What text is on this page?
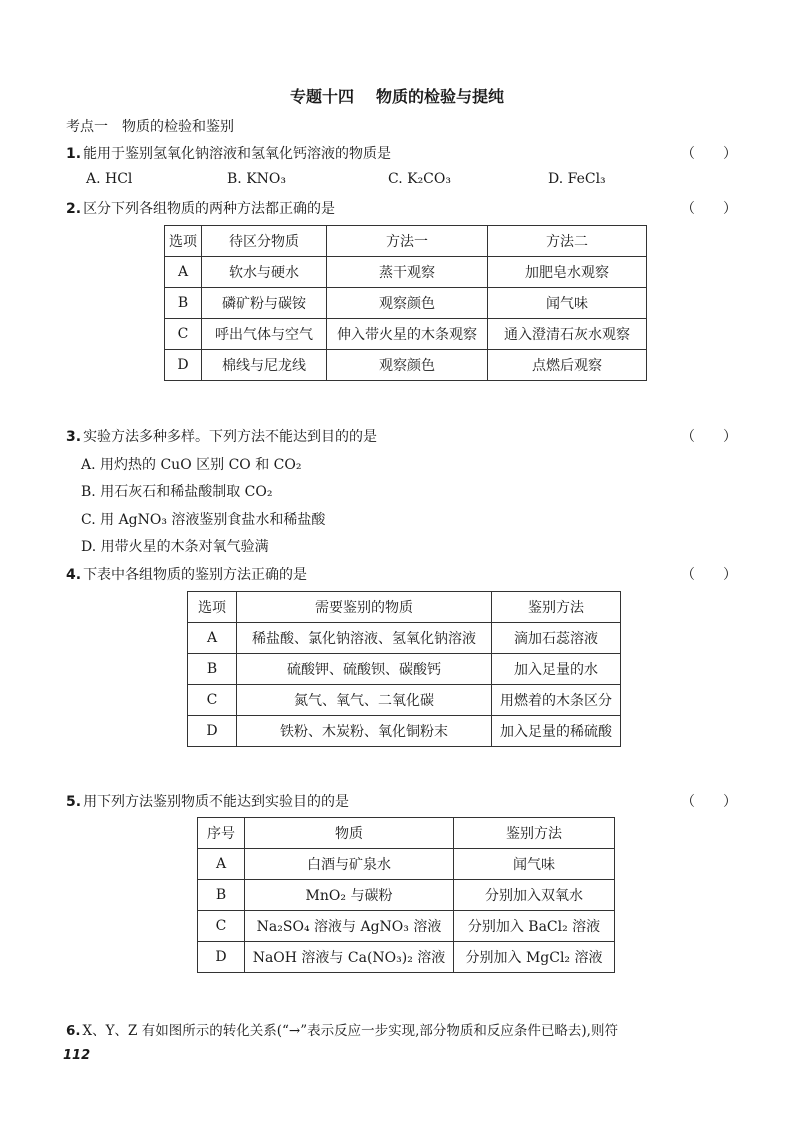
专题十四 物质的检验与提纯
考点一 物质的检验和鉴别
1. 能用于鉴别氢氧化钠溶液和氢氧化钙溶液的物质是	（　　）
A. HCl	B. KNO₃	C. K₂CO₃	D. FeCl₃
2. 区分下列各组物质的两种方法都正确的是	（　　）
选项	待区分物质	方法一	方法二
A	软水与硬水	蒸干观察	加肥皂水观察
B	磷矿粉与碳铵	观察颜色	闻气味
C	呼出气体与空气	伸入带火星的木条观察	通入澄清石灰水观察
D	棉线与尼龙线	观察颜色	点燃后观察
3. 实验方法多种多样。下列方法不能达到目的的是	（　　）
A. 用灼热的 CuO 区别 CO 和 CO₂
B. 用石灰石和稀盐酸制取 CO₂
C. 用 AgNO₃ 溶液鉴别食盐水和稀盐酸
D. 用带火星的木条对氧气验满
4. 下表中各组物质的鉴别方法正确的是	（　　）
选项	需要鉴别的物质	鉴别方法
A	稀盐酸、氯化钠溶液、氢氧化钠溶液	滴加石蕊溶液
B	硫酸钾、硫酸钡、碳酸钙	加入足量的水
C	氮气、氧气、二氧化碳	用燃着的木条区分
D	铁粉、木炭粉、氧化铜粉末	加入足量的稀硫酸
5. 用下列方法鉴别物质不能达到实验目的的是	（　　）
序号	物质	鉴别方法
A	白酒与矿泉水	闻气味
B	MnO₂ 与碳粉	分别加入双氧水
C	Na₂SO₄ 溶液与 AgNO₃ 溶液	分别加入 BaCl₂ 溶液
D	NaOH 溶液与 Ca(NO₃)₂ 溶液	分别加入 MgCl₂ 溶液
6. X、Y、Z 有如图所示的转化关系(“→”表示反应一步实现,部分物质和反应条件已略去),则符
112
